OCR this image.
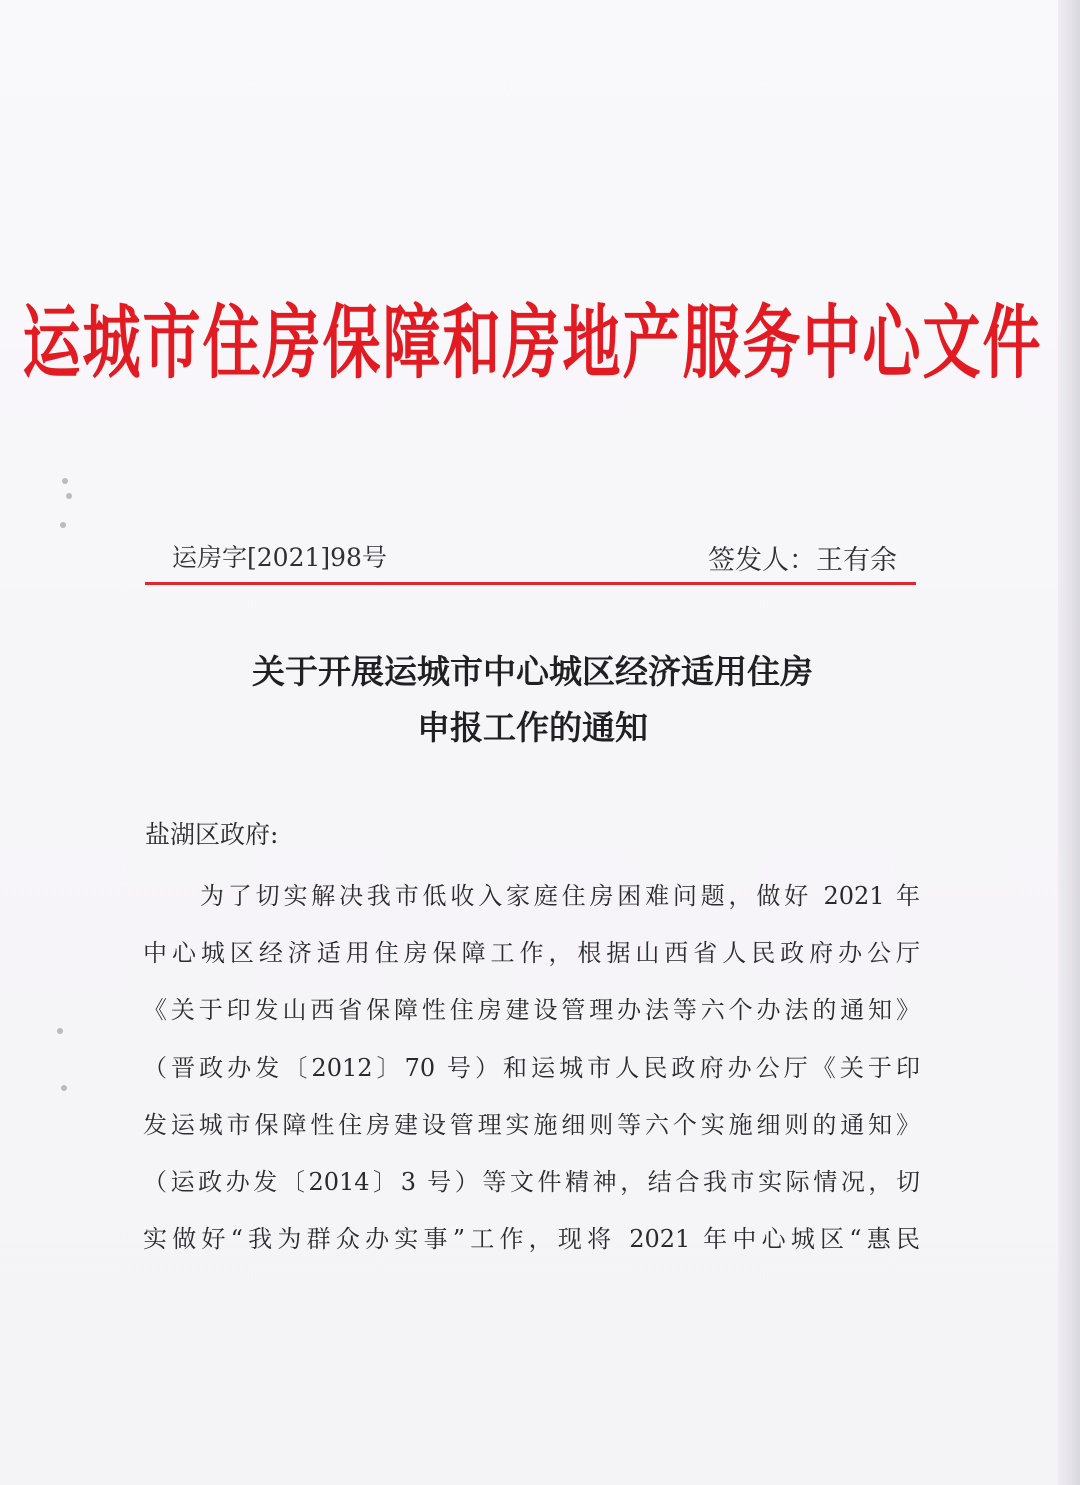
运城市住房保障和房地产服务中心文件
运房字[2021]98号	签发人：王有余
关于开展运城市中心城区经济适用住房
申报工作的通知
盐湖区政府:
为了切实解决我市低收入家庭住房困难问题，做好 2021 年
中心城区经济适用住房保障工作，根据山西省人民政府办公厅
《关于印发山西省保障性住房建设管理办法等六个办法的通知》
（晋政办发〔2012〕70 号）和运城市人民政府办公厅《关于印
发运城市保障性住房建设管理实施细则等六个实施细则的通知》
（运政办发〔2014〕3 号）等文件精神，结合我市实际情况，切
实做好“我为群众办实事”工作，现将 2021 年中心城区“惠民
